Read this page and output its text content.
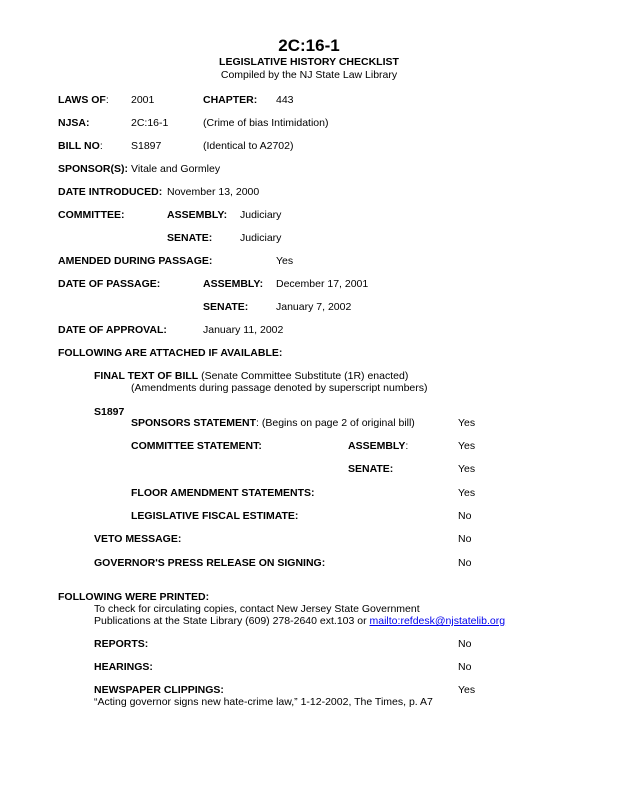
2C:16-1
LEGISLATIVE HISTORY CHECKLIST
Compiled by the NJ State Law Library
LAWS OF: 2001	CHAPTER: 443
NJSA:	2C:16-1	(Crime of bias Intimidation)
BILL NO:	S1897	(Identical to A2702)
SPONSOR(S): Vitale and Gormley
DATE INTRODUCED: November 13, 2000
COMMITTEE:	ASSEMBLY: Judiciary
SENATE:	Judiciary
AMENDED DURING PASSAGE:	Yes
DATE OF PASSAGE:	ASSEMBLY: December 17, 2001
SENATE:	January 7, 2002
DATE OF APPROVAL:	January 11, 2002
FOLLOWING ARE ATTACHED IF AVAILABLE:
FINAL TEXT OF BILL (Senate Committee Substitute (1R) enacted)
(Amendments during passage denoted by superscript numbers)
S1897
SPONSORS STATEMENT: (Begins on page 2 of original bill)	Yes
COMMITTEE STATEMENT:	ASSEMBLY:	Yes
SENATE:	Yes
FLOOR AMENDMENT STATEMENTS:	Yes
LEGISLATIVE FISCAL ESTIMATE:	No
VETO MESSAGE:	No
GOVERNOR'S PRESS RELEASE ON SIGNING:	No
FOLLOWING WERE PRINTED:
To check for circulating copies, contact New Jersey State Government
Publications at the State Library (609) 278-2640 ext.103 or mailto:refdesk@njstatelib.org
REPORTS:	No
HEARINGS:	No
NEWSPAPER CLIPPINGS:	Yes
“Acting governor signs new hate-crime law,” 1-12-2002, The Times, p. A7
